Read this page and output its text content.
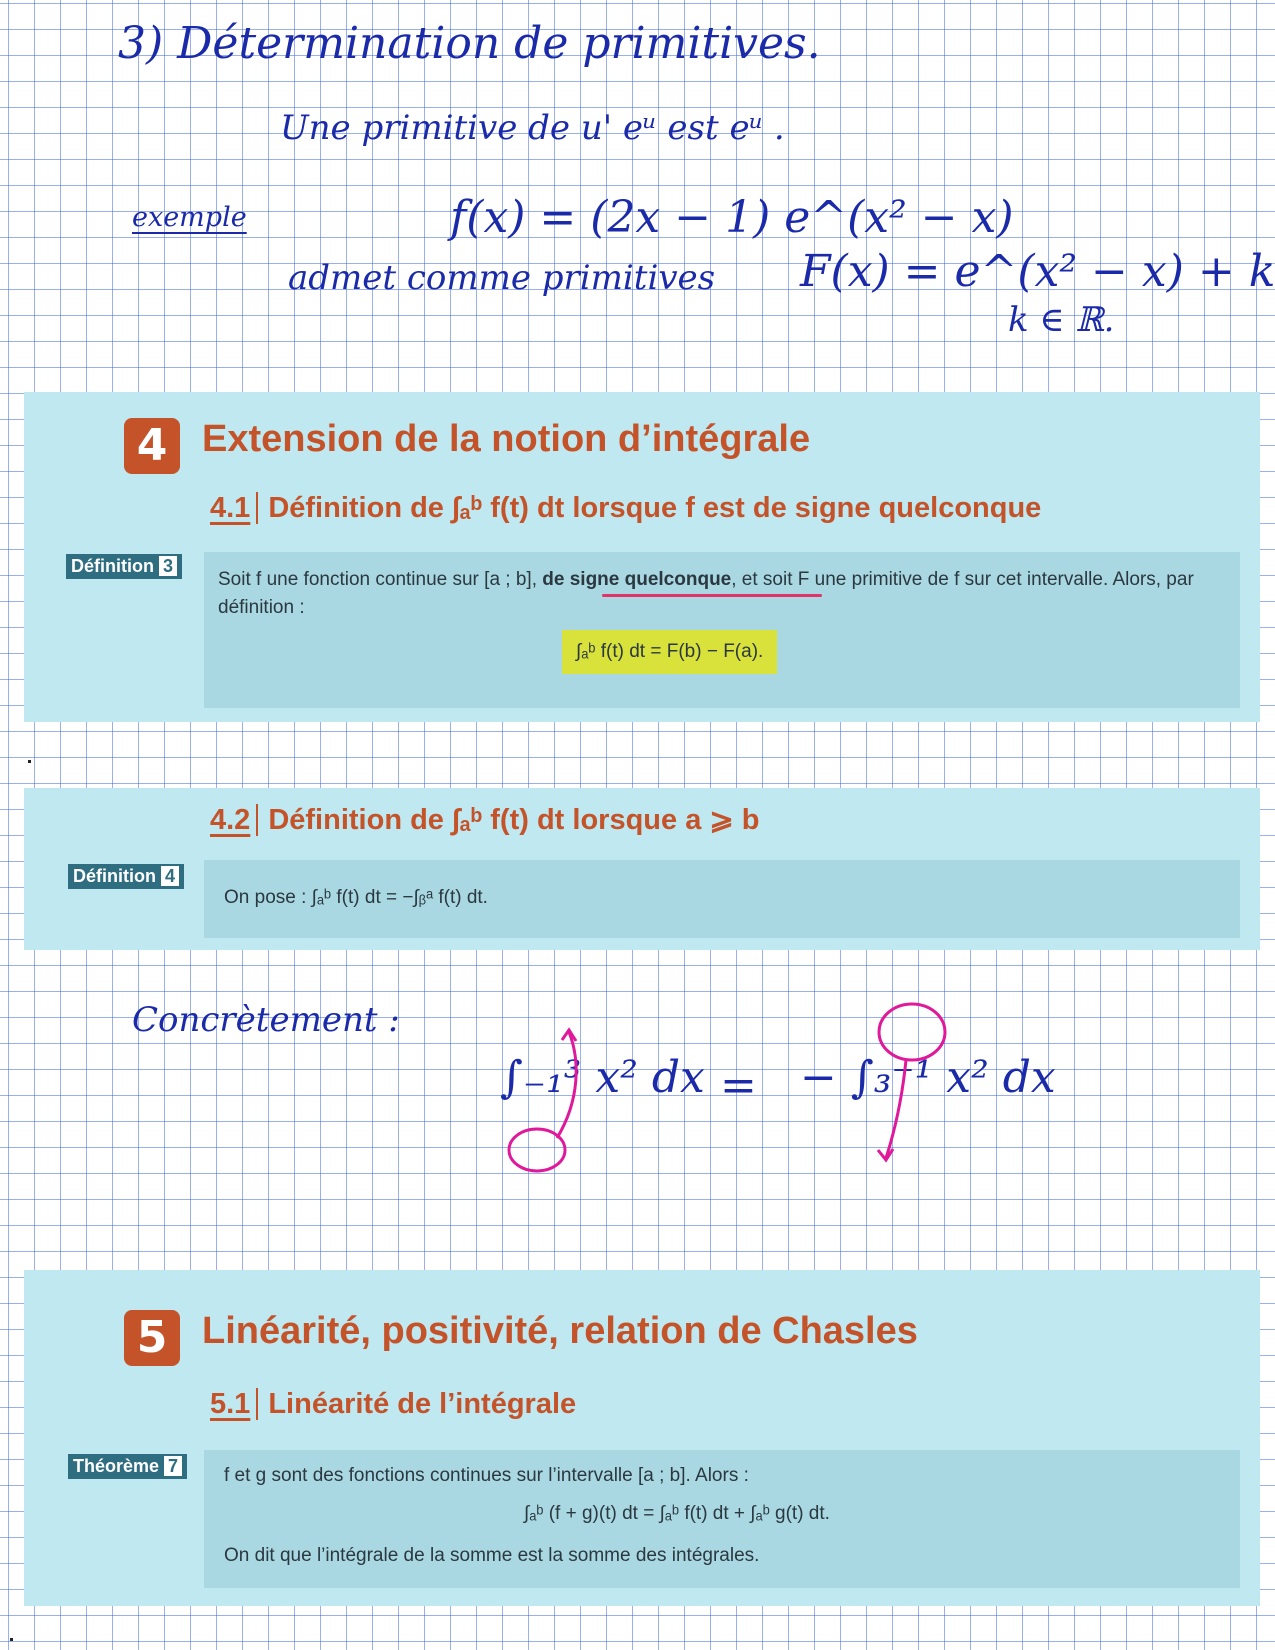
3) Détermination de primitives.
Une primitive de u' eᵘ est eᵘ .
exemple	f(x) = (2x − 1) e^(x² − x)
admet comme primitives F(x) = e^(x² − x) + k
k ∈ ℝ.
4 Extension de la notion d’intégrale
4.1 Définition de ∫ₐᵇ f(t) dt lorsque f est de signe quelconque
Définition 3
Soit f une fonction continue sur [a ; b], de signe quelconque, et soit F une primitive de f sur cet intervalle. Alors, par définition :
∫ₐᵇ f(t) dt = F(b) − F(a).
4.2 Définition de ∫ₐᵇ f(t) dt lorsque a ⩾ b
Définition 4
On pose : ∫ₐᵇ f(t) dt = −∫ᵦᵃ f(t) dt.
Concrètement :
∫₋₁³ x² dx = − ∫₃⁻¹ x² dx
5 Linéarité, positivité, relation de Chasles
5.1 Linéarité de l’intégrale
Théorème 7	f et g sont des fonctions continues sur l’intervalle [a ; b]. Alors :
∫ₐᵇ (f + g)(t) dt = ∫ₐᵇ f(t) dt + ∫ₐᵇ g(t) dt.
On dit que l’intégrale de la somme est la somme des intégrales.
